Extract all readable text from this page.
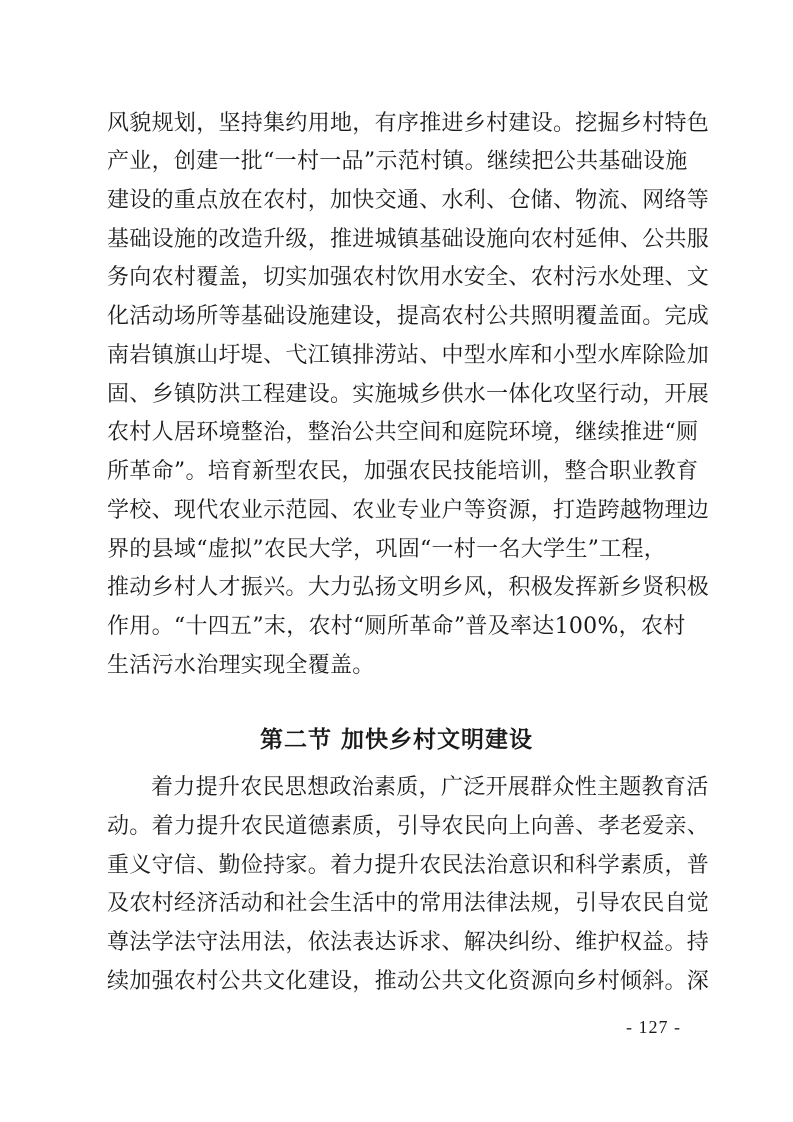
风貌规划，坚持集约用地，有序推进乡村建设。挖掘乡村特色
产业，创建一批“一村一品”示范村镇。继续把公共基础设施
建设的重点放在农村，加快交通、水利、仓储、物流、网络等
基础设施的改造升级，推进城镇基础设施向农村延伸、公共服
务向农村覆盖，切实加强农村饮用水安全、农村污水处理、文
化活动场所等基础设施建设，提高农村公共照明覆盖面。完成
南岩镇旗山圩堤、弋江镇排涝站、中型水库和小型水库除险加
固、乡镇防洪工程建设。实施城乡供水一体化攻坚行动，开展
农村人居环境整治，整治公共空间和庭院环境，继续推进“厕
所革命”。培育新型农民，加强农民技能培训，整合职业教育
学校、现代农业示范园、农业专业户等资源，打造跨越物理边
界的县域“虚拟”农民大学，巩固“一村一名大学生”工程，
推动乡村人才振兴。大力弘扬文明乡风，积极发挥新乡贤积极
作用。“十四五”末，农村“厕所革命”普及率达100%，农村
生活污水治理实现全覆盖。
第二节 加快乡村文明建设
着力提升农民思想政治素质，广泛开展群众性主题教育活
动。着力提升农民道德素质，引导农民向上向善、孝老爱亲、
重义守信、勤俭持家。着力提升农民法治意识和科学素质，普
及农村经济活动和社会生活中的常用法律法规，引导农民自觉
尊法学法守法用法，依法表达诉求、解决纠纷、维护权益。持
续加强农村公共文化建设，推动公共文化资源向乡村倾斜。深
- 127 -
